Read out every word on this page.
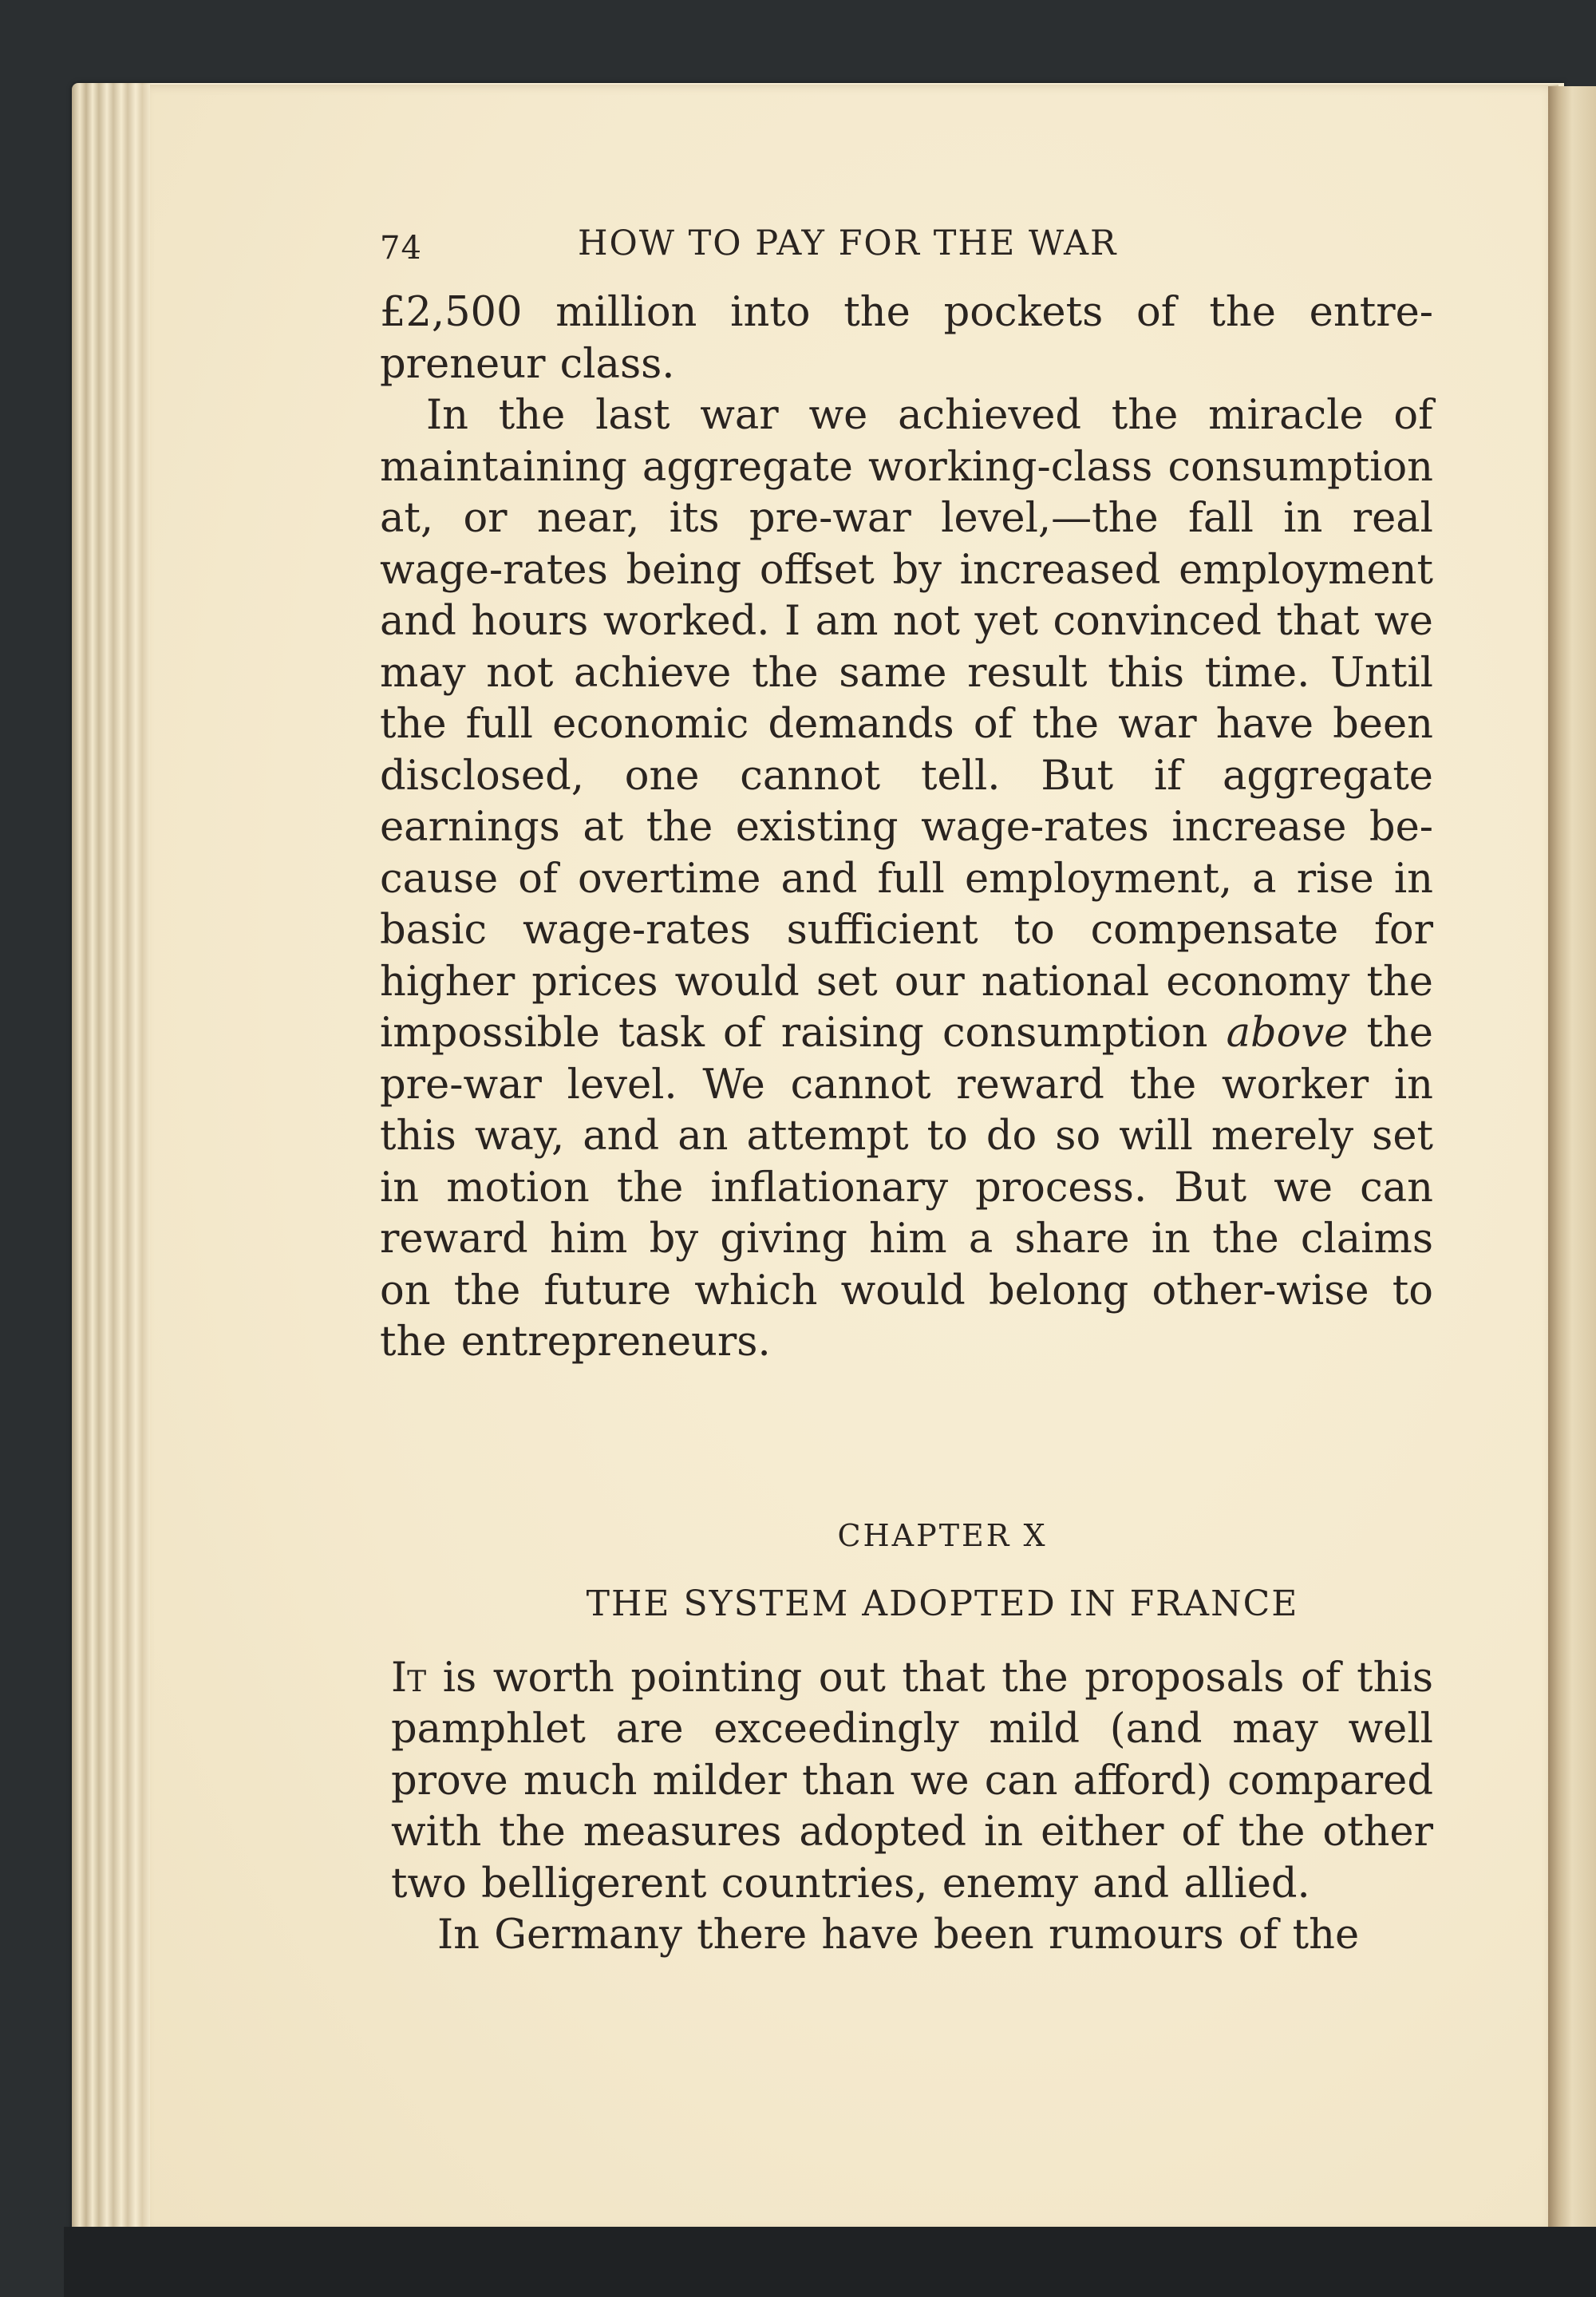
74	HOW TO PAY FOR THE WAR

£2,500 million into the pockets of the entre-preneur class.

In the last war we achieved the miracle of maintaining aggregate working-class consumption at, or near, its pre-war level,—the fall in real wage-rates being offset by increased employment and hours worked. I am not yet convinced that we may not achieve the same result this time. Until the full economic demands of the war have been disclosed, one cannot tell. But if aggregate earnings at the existing wage-rates increase be-cause of overtime and full employment, a rise in basic wage-rates sufficient to compensate for higher prices would set our national economy the impossible task of raising consumption above the pre-war level. We cannot reward the worker in this way, and an attempt to do so will merely set in motion the inflationary process. But we can reward him by giving him a share in the claims on the future which would belong other-wise to the entrepreneurs.

CHAPTER X

THE SYSTEM ADOPTED IN FRANCE

It is worth pointing out that the proposals of this pamphlet are exceedingly mild (and may well prove much milder than we can afford) compared with the measures adopted in either of the other two belligerent countries, enemy and allied.

In Germany there have been rumours of the
